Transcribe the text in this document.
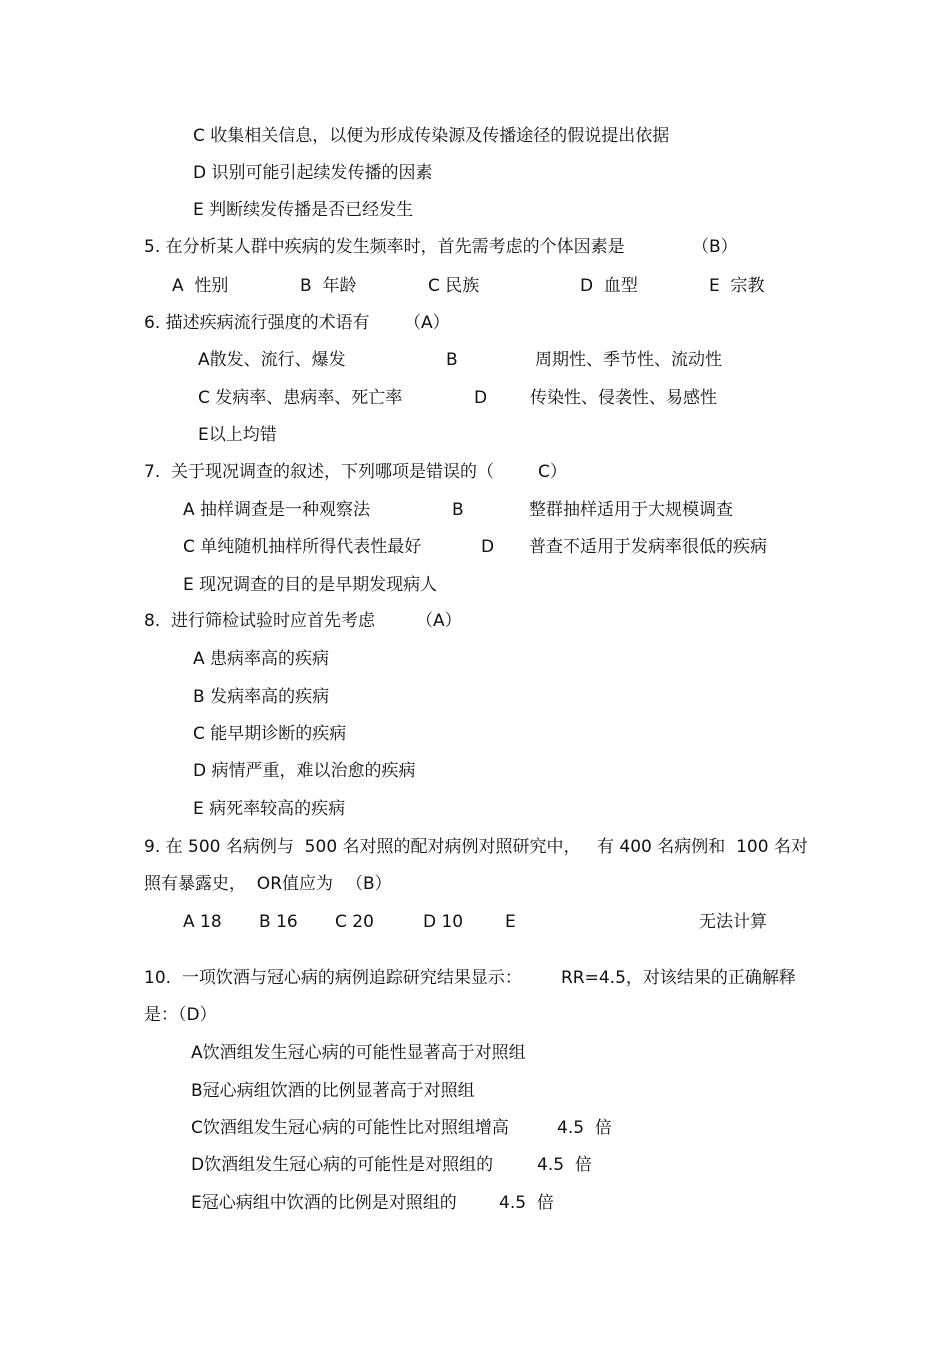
C 收集相关信息，以便为形成传染源及传播途径的假说提出依据
D 识别可能引起续发传播的因素
E 判断续发传播是否已经发生
5. 在分析某人群中疾病的发生频率时，首先需考虑的个体因素是	（B）
A  性别	B  年龄	C 民族	D  血型	E  宗教
6. 描述疾病流行强度的术语有 （A）
A散发、流行、爆发	B	周期性、季节性、流动性
C 发病率、患病率、死亡率	D	传染性、侵袭性、易感性
E以上均错
7.  关于现况调查的叙述，下列哪项是错误的（	C）
A 抽样调查是一种观察法	B	整群抽样适用于大规模调查
C 单纯随机抽样所得代表性最好	D 普查不适用于发病率很低的疾病
E 现况调查的目的是早期发现病人
8.  进行筛检试验时应首先考虑 （A）
A 患病率高的疾病
B 发病率高的疾病
C 能早期诊断的疾病
D 病情严重，难以治愈的疾病
E 病死率较高的疾病
9. 在 500 名病例与  500 名对照的配对病例对照研究中， 有 400 名病例和  100 名对
照有暴露史，  OR值应为 （B）
A 18 B 16 C 20	D 10 E	无法计算
10.  一项饮酒与冠心病的病例追踪研究结果显示： RR=4.5，对该结果的正确解释
是：（D）
A饮酒组发生冠心病的可能性显著高于对照组
B冠心病组饮酒的比例显著高于对照组
C饮酒组发生冠心病的可能性比对照组增高	4.5  倍
D饮酒组发生冠心病的可能性是对照组的	4.5  倍
E冠心病组中饮酒的比例是对照组的 4.5  倍
